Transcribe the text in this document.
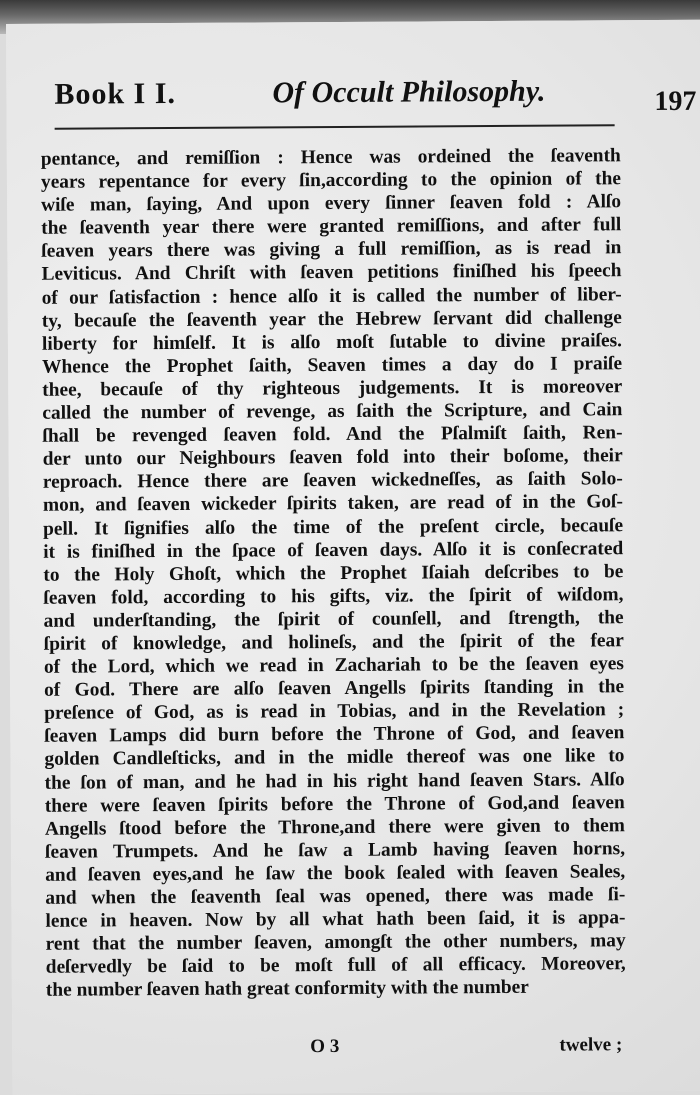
Book I I.	Of Occult Philosophy.	197
pentance, and remiſſion : Hence was ordeined the ſeaventh
years repentance for every ſin,according to the opinion of the
wiſe man, ſaying, And upon every ſinner ſeaven fold : Alſo
the ſeaventh year there were granted remiſſions, and after full
ſeaven years there was giving a full remiſſion, as is read in
Leviticus. And Chriſt with ſeaven petitions finiſhed his ſpeech
of our ſatisfaction : hence alſo it is called the number of liber-
ty, becauſe the ſeaventh year the Hebrew ſervant did challenge
liberty for himſelf. It is alſo moſt ſutable to divine praiſes.
Whence the Prophet ſaith, Seaven times a day do I praiſe
thee, becauſe of thy righteous judgements. It is moreover
called the number of revenge, as ſaith the Scripture, and Cain
ſhall be revenged ſeaven fold. And the Pſalmiſt ſaith, Ren-
der unto our Neighbours ſeaven fold into their boſome, their
reproach. Hence there are ſeaven wickedneſſes, as ſaith Solo-
mon, and ſeaven wickeder ſpirits taken, are read of in the Goſ-
pell. It ſignifies alſo the time of the preſent circle, becauſe
it is finiſhed in the ſpace of ſeaven days. Alſo it is conſecrated
to the Holy Ghoſt, which the Prophet Iſaiah deſcribes to be
ſeaven fold, according to his gifts, viz. the ſpirit of wiſdom,
and underſtanding, the ſpirit of counſell, and ſtrength, the
ſpirit of knowledge, and holineſs, and the ſpirit of the fear
of the Lord, which we read in Zachariah to be the ſeaven eyes
of God. There are alſo ſeaven Angells ſpirits ſtanding in the
preſence of God, as is read in Tobias, and in the Revelation ;
ſeaven Lamps did burn before the Throne of God, and ſeaven
golden Candleſticks, and in the midle thereof was one like to
the ſon of man, and he had in his right hand ſeaven Stars. Alſo
there were ſeaven ſpirits before the Throne of God,and ſeaven
Angells ſtood before the Throne,and there were given to them
ſeaven Trumpets. And he ſaw a Lamb having ſeaven horns,
and ſeaven eyes,and he ſaw the book ſealed with ſeaven Seales,
and when the ſeaventh ſeal was opened, there was made ſi-
lence in heaven. Now by all what hath been ſaid, it is appa-
rent that the number ſeaven, amongſt the other numbers, may
deſervedly be ſaid to be moſt full of all efficacy. Moreover,
the number ſeaven hath great conformity with the number
O 3	twelve ;
